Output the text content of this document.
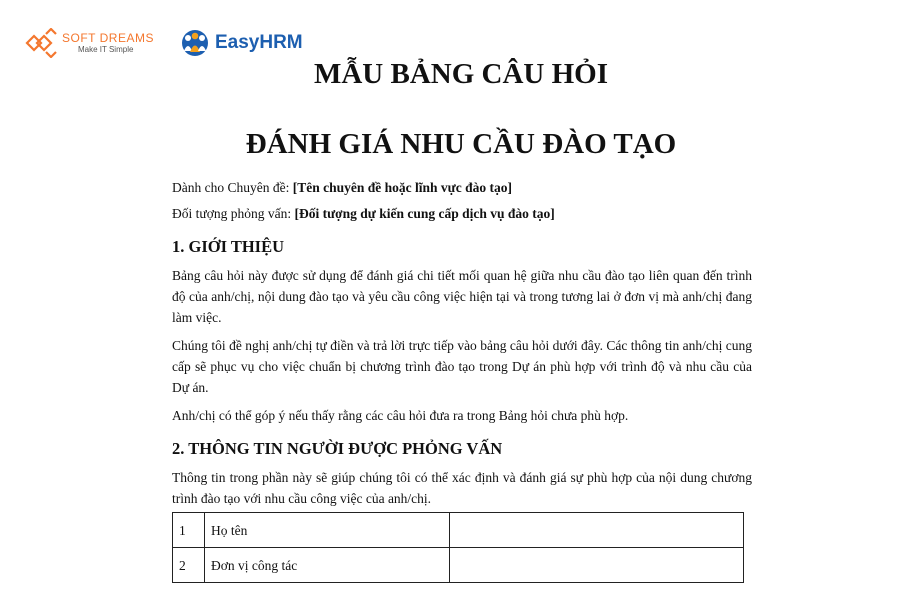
SOFT DREAMS
Make IT Simple	EasyHRM
MẪU BẢNG CÂU HỎI
ĐÁNH GIÁ NHU CẦU ĐÀO TẠO

Dành cho Chuyên đề: [Tên chuyên đề hoặc lĩnh vực đào tạo]

Đối tượng phỏng vấn: [Đối tượng dự kiến cung cấp dịch vụ đào tạo]

1. GIỚI THIỆU

Bảng câu hỏi này được sử dụng để đánh giá chi tiết mối quan hệ giữa nhu cầu đào tạo liên quan đến trình độ của anh/chị, nội dung đào tạo và yêu cầu công việc hiện tại và trong tương lai ở đơn vị mà anh/chị đang làm việc.

Chúng tôi đề nghị anh/chị tự điền và trả lời trực tiếp vào bảng câu hỏi dưới đây. Các thông tin anh/chị cung cấp sẽ phục vụ cho việc chuẩn bị chương trình đào tạo trong Dự án phù hợp với trình độ và nhu cầu của Dự án.

Anh/chị có thể góp ý nếu thấy rằng các câu hỏi đưa ra trong Bảng hỏi chưa phù hợp.

2. THÔNG TIN NGƯỜI ĐƯỢC PHỎNG VẤN

Thông tin trong phần này sẽ giúp chúng tôi có thể xác định và đánh giá sự phù hợp của nội dung chương trình đào tạo với nhu cầu công việc của anh/chị.

1	Họ tên	
2	Đơn vị công tác	
